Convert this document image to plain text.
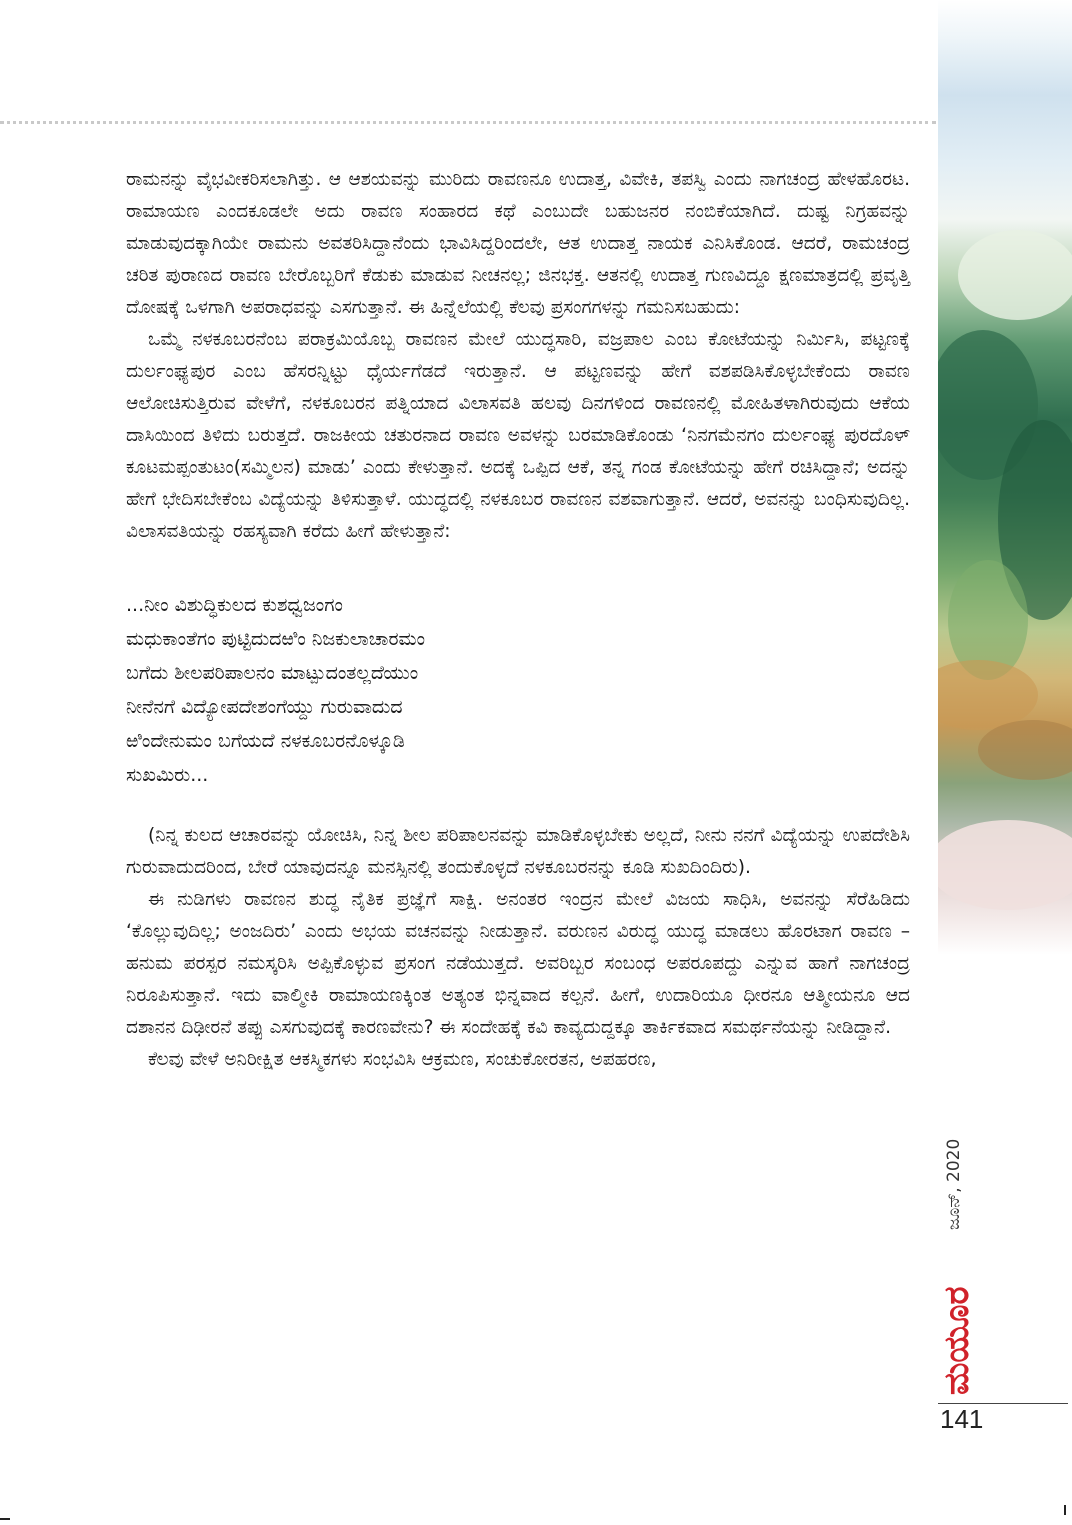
ರಾಮನನ್ನು ವೈಭವೀಕರಿಸಲಾಗಿತ್ತು. ಆ ಆಶಯವನ್ನು ಮುರಿದು ರಾವಣನೂ ಉದಾತ್ತ, ವಿವೇಕಿ, ತಪಸ್ವಿ ಎಂದು ನಾಗಚಂದ್ರ ಹೇಳಹೊರಟ. ರಾಮಾಯಣ ಎಂದಕೂಡಲೇ ಅದು ರಾವಣ ಸಂಹಾರದ ಕಥೆ ಎಂಬುದೇ ಬಹುಜನರ ನಂಬಿಕೆಯಾಗಿದೆ. ದುಷ್ಟ ನಿಗ್ರಹವನ್ನು ಮಾಡುವುದಕ್ಕಾಗಿಯೇ ರಾಮನು ಅವತರಿಸಿದ್ದಾನೆಂದು ಭಾವಿಸಿದ್ದರಿಂದಲೇ, ಆತ ಉದಾತ್ತ ನಾಯಕ ಎನಿಸಿಕೊಂಡ. ಆದರೆ, ರಾಮಚಂದ್ರ ಚರಿತ ಪುರಾಣದ ರಾವಣ ಬೇರೊಬ್ಬರಿಗೆ ಕೆಡುಕು ಮಾಡುವ ನೀಚನಲ್ಲ; ಜಿನಭಕ್ತ. ಆತನಲ್ಲಿ ಉದಾತ್ತ ಗುಣವಿದ್ದೂ ಕ್ಷಣಮಾತ್ರದಲ್ಲಿ ಪ್ರವೃತ್ತಿ ದೋಷಕ್ಕೆ ಒಳಗಾಗಿ ಅಪರಾಧವನ್ನು ಎಸಗುತ್ತಾನೆ. ಈ ಹಿನ್ನೆಲೆಯಲ್ಲಿ ಕೆಲವು ಪ್ರಸಂಗಗಳನ್ನು ಗಮನಿಸಬಹುದು:

ಒಮ್ಮೆ ನಳಕೂಬರನೆಂಬ ಪರಾಕ್ರಮಿಯೊಬ್ಬ ರಾವಣನ ಮೇಲೆ ಯುದ್ಧಸಾರಿ, ವಜ್ರಪಾಲ ಎಂಬ ಕೋಟೆಯನ್ನು ನಿರ್ಮಿಸಿ, ಪಟ್ಟಣಕ್ಕೆ ದುರ್ಲಂಘ್ಯಪುರ ಎಂಬ ಹೆಸರನ್ನಿಟ್ಟು ಧೈರ್ಯಗೆಡದೆ ಇರುತ್ತಾನೆ. ಆ ಪಟ್ಟಣವನ್ನು ಹೇಗೆ ವಶಪಡಿಸಿಕೊಳ್ಳಬೇಕೆಂದು ರಾವಣ ಆಲೋಚಿಸುತ್ತಿರುವ ವೇಳೆಗೆ, ನಳಕೂಬರನ ಪತ್ನಿಯಾದ ವಿಲಾಸವತಿ ಹಲವು ದಿನಗಳಿಂದ ರಾವಣನಲ್ಲಿ ಮೋಹಿತಳಾಗಿರುವುದು ಆಕೆಯ ದಾಸಿಯಿಂದ ತಿಳಿದು ಬರುತ್ತದೆ. ರಾಜಕೀಯ ಚತುರನಾದ ರಾವಣ ಅವಳನ್ನು ಬರಮಾಡಿಕೊಂಡು ‘ನಿನಗಮೆನಗಂ ದುರ್ಲಂಘ್ಯ ಪುರದೊಳ್ ಕೂಟಮಪ್ಪಂತುಟಂ(ಸಮ್ಮಿಲನ) ಮಾಡು’ ಎಂದು ಕೇಳುತ್ತಾನೆ. ಅದಕ್ಕೆ ಒಪ್ಪಿದ ಆಕೆ, ತನ್ನ ಗಂಡ ಕೋಟೆಯನ್ನು ಹೇಗೆ ರಚಿಸಿದ್ದಾನೆ; ಅದನ್ನು ಹೇಗೆ ಭೇದಿಸಬೇಕೆಂಬ ವಿದ್ಯೆಯನ್ನು ತಿಳಿಸುತ್ತಾಳೆ. ಯುದ್ಧದಲ್ಲಿ ನಳಕೂಬರ ರಾವಣನ ವಶವಾಗುತ್ತಾನೆ. ಆದರೆ, ಅವನನ್ನು ಬಂಧಿಸುವುದಿಲ್ಲ. ವಿಲಾಸವತಿಯನ್ನು ರಹಸ್ಯವಾಗಿ ಕರೆದು ಹೀಗೆ ಹೇಳುತ್ತಾನೆ:

...ನೀಂ ವಿಶುದ್ಧಿಕುಲದ ಕುಶಧ್ವಜಂಗಂ
ಮಧುಕಾಂತೆಗಂ ಪುಟ್ಟಿದುದಱಿಂ ನಿಜಕುಲಾಚಾರಮಂ
ಬಗೆದು ಶೀಲಪರಿಪಾಲನಂ ಮಾಟ್ಪುದಂತಲ್ಲದೆಯುಂ
ನೀನೆನಗೆ ವಿದ್ಯೋಪದೇಶಂಗೆಯ್ದು ಗುರುವಾದುದ
ಱಿಂದೇನುಮಂ ಬಗೆಯದೆ ನಳಕೂಬರನೊಳ್ಕೂಡಿ
ಸುಖಮಿರು...

(ನಿನ್ನ ಕುಲದ ಆಚಾರವನ್ನು ಯೋಚಿಸಿ, ನಿನ್ನ ಶೀಲ ಪರಿಪಾಲನವನ್ನು ಮಾಡಿಕೊಳ್ಳಬೇಕು ಅಲ್ಲದೆ, ನೀನು ನನಗೆ ವಿದ್ಯೆಯನ್ನು ಉಪದೇಶಿಸಿ ಗುರುವಾದುದರಿಂದ, ಬೇರೆ ಯಾವುದನ್ನೂ ಮನಸ್ಸಿನಲ್ಲಿ ತಂದುಕೊಳ್ಳದೆ ನಳಕೂಬರನನ್ನು ಕೂಡಿ ಸುಖದಿಂದಿರು).

ಈ ನುಡಿಗಳು ರಾವಣನ ಶುದ್ಧ ನೈತಿಕ ಪ್ರಜ್ಞೆಗೆ ಸಾಕ್ಷಿ. ಅನಂತರ ಇಂದ್ರನ ಮೇಲೆ ವಿಜಯ ಸಾಧಿಸಿ, ಅವನನ್ನು ಸೆರೆಹಿಡಿದು ‘ಕೊಲ್ಲುವುದಿಲ್ಲ; ಅಂಜದಿರು’ ಎಂದು ಅಭಯ ವಚನವನ್ನು ನೀಡುತ್ತಾನೆ. ವರುಣನ ವಿರುದ್ಧ ಯುದ್ಧ ಮಾಡಲು ಹೊರಟಾಗ ರಾವಣ – ಹನುಮ ಪರಸ್ಪರ ನಮಸ್ಕರಿಸಿ ಅಪ್ಪಿಕೊಳ್ಳುವ ಪ್ರಸಂಗ ನಡೆಯುತ್ತದೆ. ಅವರಿಬ್ಬರ ಸಂಬಂಧ ಅಪರೂಪದ್ದು ಎನ್ನುವ ಹಾಗೆ ನಾಗಚಂದ್ರ ನಿರೂಪಿಸುತ್ತಾನೆ. ಇದು ವಾಲ್ಮೀಕಿ ರಾಮಾಯಣಕ್ಕಿಂತ ಅತ್ಯಂತ ಭಿನ್ನವಾದ ಕಲ್ಪನೆ. ಹೀಗೆ, ಉದಾರಿಯೂ ಧೀರನೂ ಆತ್ಮೀಯನೂ ಆದ ದಶಾನನ ದಿಢೀರನೆ ತಪ್ಪು ಎಸಗುವುದಕ್ಕೆ ಕಾರಣವೇನು? ಈ ಸಂದೇಹಕ್ಕೆ ಕವಿ ಕಾವ್ಯದುದ್ದಕ್ಕೂ ತಾರ್ಕಿಕವಾದ ಸಮರ್ಥನೆಯನ್ನು ನೀಡಿದ್ದಾನೆ.

ಕೆಲವು ವೇಳೆ ಅನಿರೀಕ್ಷಿತ ಆಕಸ್ಮಿಕಗಳು ಸಂಭವಿಸಿ ಆಕ್ರಮಣ, ಸಂಚುಕೋರತನ, ಅಪಹರಣ,

ಜೂನ್, 2020
ಮಯೂರ
141
